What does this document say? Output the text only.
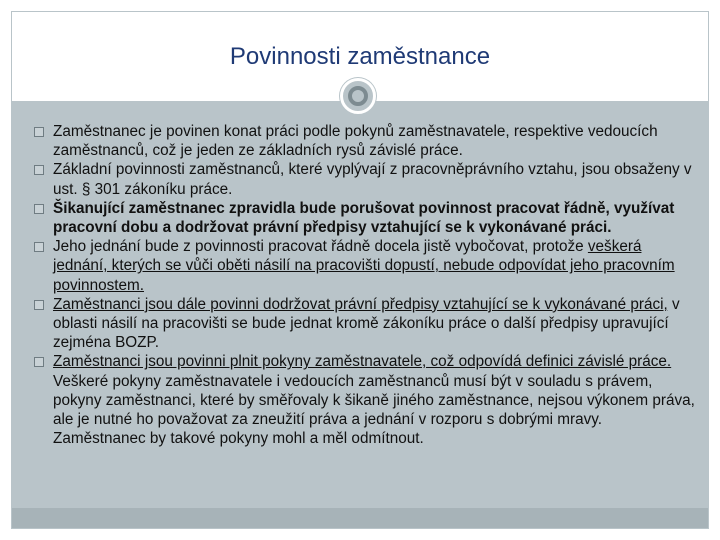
Povinnosti zaměstnance

Zaměstnanec je povinen konat práci podle pokynů zaměstnavatele, respektive vedoucích zaměstnanců, což je jeden ze základních rysů závislé práce.

Základní povinnosti zaměstnanců, které vyplývají z pracovněprávního vztahu, jsou obsaženy v ust. § 301 zákoníku práce.

Šikanující zaměstnanec zpravidla bude porušovat povinnost pracovat řádně, využívat pracovní dobu a dodržovat právní předpisy vztahující se k vykonávané práci.

Jeho jednání bude z povinnosti pracovat řádně docela jistě vybočovat, protože veškerá jednání, kterých se vůči oběti násilí na pracovišti dopustí, nebude odpovídat jeho pracovním povinnostem.

Zaměstnanci jsou dále povinni dodržovat právní předpisy vztahující se k vykonávané práci, v oblasti násilí na pracovišti se bude jednat kromě zákoníku práce o další předpisy upravující zejména BOZP.

Zaměstnanci jsou povinni plnit pokyny zaměstnavatele, což odpovídá definici závislé práce. Veškeré pokyny zaměstnavatele i vedoucích zaměstnanců musí být v souladu s právem, pokyny zaměstnanci, které by směřovaly k šikaně jiného zaměstnance, nejsou výkonem práva, ale je nutné ho považovat za zneužití práva a jednání v rozporu s dobrými mravy. Zaměstnanec by takové pokyny mohl a měl odmítnout.
